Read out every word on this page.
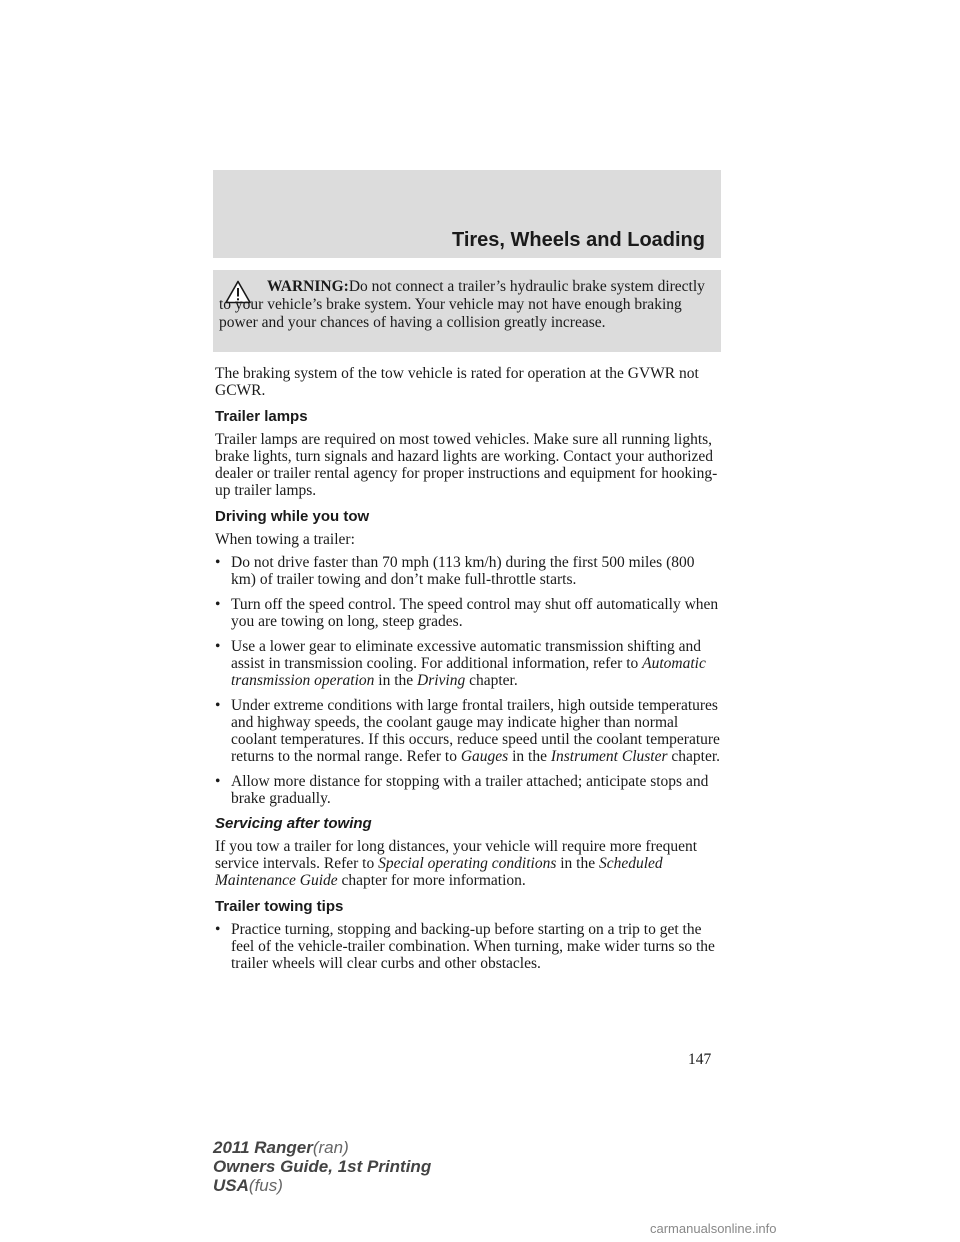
Tires, Wheels and Loading
WARNING:Do not connect a trailer’s hydraulic brake system directly to your vehicle’s brake system. Your vehicle may not have enough braking power and your chances of having a collision greatly increase.

The braking system of the tow vehicle is rated for operation at the GVWR not GCWR.

Trailer lamps

Trailer lamps are required on most towed vehicles. Make sure all running lights, brake lights, turn signals and hazard lights are working. Contact your authorized dealer or trailer rental agency for proper instructions and equipment for hooking-up trailer lamps.

Driving while you tow

When towing a trailer:

• Do not drive faster than 70 mph (113 km/h) during the first 500 miles (800 km) of trailer towing and don’t make full-throttle starts.
• Turn off the speed control. The speed control may shut off automatically when you are towing on long, steep grades.
• Use a lower gear to eliminate excessive automatic transmission shifting and assist in transmission cooling. For additional information, refer to Automatic transmission operation in the Driving chapter.
• Under extreme conditions with large frontal trailers, high outside temperatures and highway speeds, the coolant gauge may indicate higher than normal coolant temperatures. If this occurs, reduce speed until the coolant temperature returns to the normal range. Refer to Gauges in the Instrument Cluster chapter.
• Allow more distance for stopping with a trailer attached; anticipate stops and brake gradually.
Servicing after towing

If you tow a trailer for long distances, your vehicle will require more frequent service intervals. Refer to Special operating conditions in the Scheduled Maintenance Guide chapter for more information.

Trailer towing tips
• Practice turning, stopping and backing-up before starting on a trip to get the feel of the vehicle-trailer combination. When turning, make wider turns so the trailer wheels will clear curbs and other obstacles.
147
2011 Ranger(ran)
Owners Guide, 1st Printing
USA(fus)
carmanualsonline.info
